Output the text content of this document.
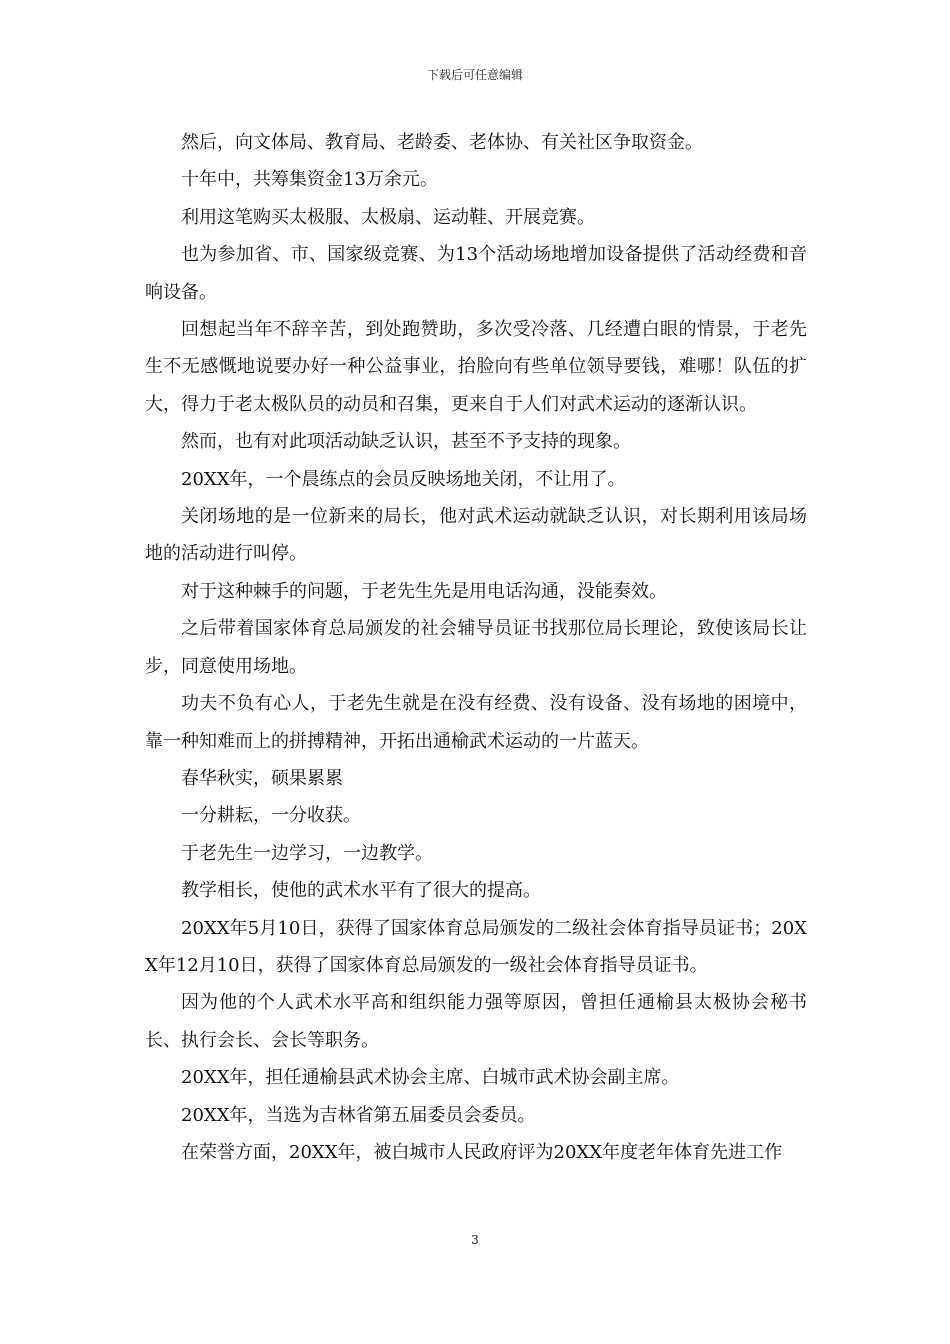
下载后可任意编辑

然后，向文体局、教育局、老龄委、老体协、有关社区争取资金。

十年中，共筹集资金13万余元。

利用这笔购买太极服、太极扇、运动鞋、开展竞赛。

也为参加省、市、国家级竞赛、为13个活动场地增加设备提供了活动经费和音响设备。

回想起当年不辞辛苦，到处跑赞助，多次受冷落、几经遭白眼的情景，于老先生不无感慨地说要办好一种公益事业，抬脸向有些单位领导要钱，难哪！队伍的扩大，得力于老太极队员的动员和召集，更来自于人们对武术运动的逐渐认识。

然而，也有对此项活动缺乏认识，甚至不予支持的现象。

20XX年，一个晨练点的会员反映场地关闭，不让用了。

关闭场地的是一位新来的局长，他对武术运动就缺乏认识，对长期利用该局场地的活动进行叫停。

对于这种棘手的问题，于老先生先是用电话沟通，没能奏效。

之后带着国家体育总局颁发的社会辅导员证书找那位局长理论，致使该局长让步，同意使用场地。

功夫不负有心人，于老先生就是在没有经费、没有设备、没有场地的困境中，靠一种知难而上的拼搏精神，开拓出通榆武术运动的一片蓝天。

春华秋实，硕果累累

一分耕耘，一分收获。

于老先生一边学习，一边教学。

教学相长，使他的武术水平有了很大的提高。

20XX年5月10日，获得了国家体育总局颁发的二级社会体育指导员证书；20XX年12月10日，获得了国家体育总局颁发的一级社会体育指导员证书。

因为他的个人武术水平高和组织能力强等原因，曾担任通榆县太极协会秘书长、执行会长、会长等职务。

20XX年，担任通榆县武术协会主席、白城市武术协会副主席。

20XX年，当选为吉林省第五届委员会委员。

在荣誉方面，20XX年，被白城市人民政府评为20XX年度老年体育先进工作

3
